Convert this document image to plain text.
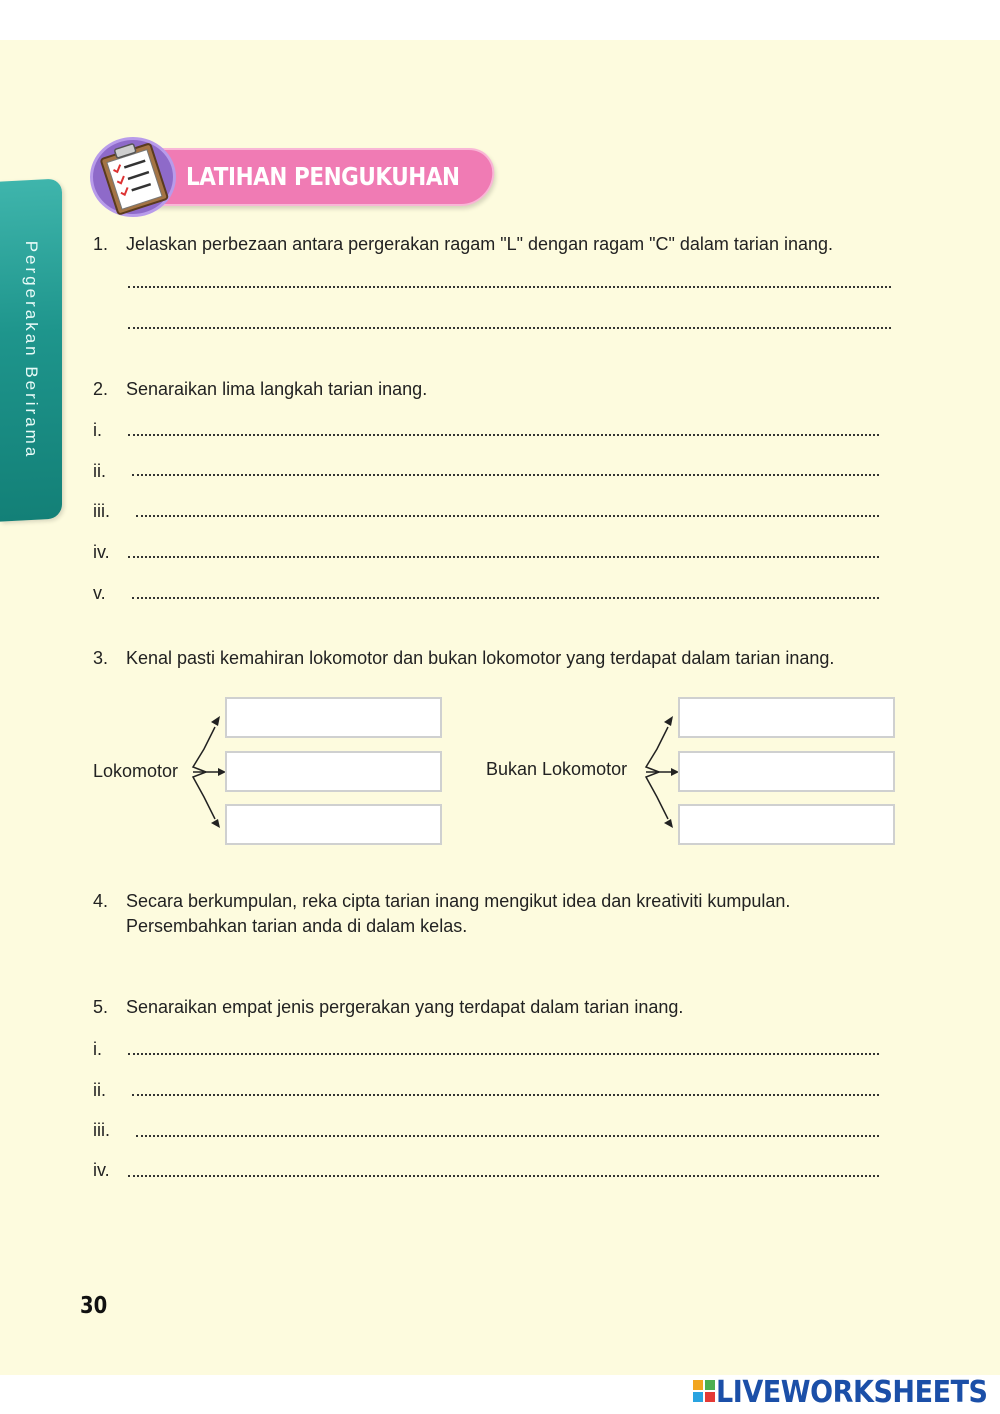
Pergerakan Berirama
LATIHAN PENGUKUHAN
1. Jelaskan perbezaan antara pergerakan ragam "L" dengan ragam "C" dalam tarian inang.
2. Senaraikan lima langkah tarian inang.
i.
ii.
iii.
iv.
v.
3. Kenal pasti kemahiran lokomotor dan bukan lokomotor yang terdapat dalam tarian inang.
Lokomotor	Bukan Lokomotor
4. Secara berkumpulan, reka cipta tarian inang mengikut idea dan kreativiti kumpulan.
Persembahkan tarian anda di dalam kelas.
5. Senaraikan empat jenis pergerakan yang terdapat dalam tarian inang.
i.
ii.
iii.
iv.
30
LIVEWORKSHEETS
